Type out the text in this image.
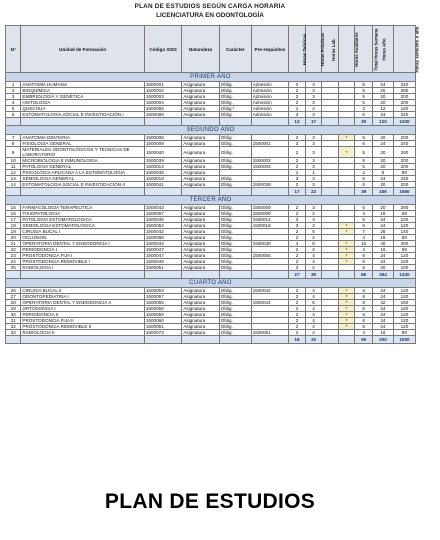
PLAN DE ESTUDIOS SEGÚN CARGA HORARIA
LICENCIATURA EN ODONTOLOGÍA
N°	Unidad de Formación	Código SISS	Naturaleza	Carácter	Pre-requisitos	Horas Teóricas	Horas Prácticas	Horas Lab.	Horas Auxiliares	Total Horas Semana	Horas Año	Horas semestre o año
PRIMER AÑO												
1	ANATOMÍA HUMANA	1500001	Asignatura	Oblig.	Admisión	3	3			6	24	240
2	BIOQUÍMICA	1500002	Asignatura	Oblig.	Admisión	2	3			5	20	200
3	EMBRIOLOGÍA Y GENÉTICA	1500003	Asignatura	Oblig.	Admisión	2	3			5	20	200
4	HISTOLOGÍA	1500004	Asignatura	Oblig.	Admisión	2	3			5	20	200
5	QUECHUA	1500050	Asignatura	Oblig.*	Admisión	1	2			3	12	120
6	ESTOMATOLOGÍA SOCIAL E INVESTIGACIÓN I	1500088	Asignatura	Oblig.	Admisión	3	3			6	24	240
						13	17			30	120	1200
SEGUNDO AÑO												
7	ANATOMIA DENTARIA	1500008	Asignatura	Oblig.		2	3		*	5	20	200
8	FISIOLOGIA GENERAL	1500009	Asignatura	Oblig.	1500001	3	3			6	24	240
9	MATERIALES ODONTOLOGICOS Y TECNICAS DE LABORATORIO	1500040	Asignatura	Oblig.		2	3		*	5	20	200
10	MICROBIOLOGIA E INMUNOLOGIA	1500039	Asignatura	Oblig.	1500002	2	3			5	20	200
11	PATOLOGIA GENERAL	1500014	Asignatura	Oblig.	1500004	2	3			5	20	200
12	PSICOLOGIA APLICADA A LA ESTOMATOLOGIA	1500048	Asignatura			1	1			2	8	80
13	SEMIOLOGIA GENERAL	1500018	Asignatura	Oblig.		3	3			6	24	240
14	ESTOMATOLOGIA SOCIAL E INVESTIGACION II	1500041	Asignatura	Oblig.	1500038	2	3			5	20	200
						17	22			39	156	1560
TERCER AÑO												
15	FARMACOLOGIA TERAPEUTICA	1500043	Asignatura	Oblig.	1500009	2	3			5	20	200
16	FISIOPATOLOGIA	1500087	Asignatura	Oblig.	1500009	2	2			4	16	80
17	PATOLOGIA ESTOMATOLOGICA	1500045	Asignatura	Oblig.	1500014	3	3			6	24	120
18	SEMIOLOGIA ESTOMATOLOGICA	1500052	Asignatura	Oblig.	1500018	3	3		*	6	24	120
19	CIRUGIA BUCAL I	1500042	Asignatura	Oblig.		2	5		*	7	28	140
20	OCLUSION	1500086	Asignatura	Oblig.		2	2			4	16	80
21	OPERATORIA DENTAL Y ENDODONCIA I	1500044	Asignatura	Oblig.	1500040	4	6		*	10	40	200
22	PERIODONCIA I	1500047	Asignatura	Oblig.		2	2		*	4	16	80
23	PROSTODONCIA FIJA I	1500047	Asignatura	Oblig.	1500005	2	4		*	6	24	120
24	PROSTODONCIA REMOVIBLE I	1500049	Asignatura	Oblig.		2	4		*	6	24	120
25	RADIOLOGIA I	1500051	Asignatura	Oblig.		3	2			5	20	100
						27	39			66	264	1320
CUARTO AÑO												
26	CIRUGIA BUCAL II	1500053	Asignatura	Oblig.	1500042	2	4		*	6	24	120
27	ODONTOPEDIATRIA I	1500057	Asignatura	Oblig.		2	4		*	6	24	120
28	OPERATORIA DENTAL Y ENDODONCIA II	1500055	Asignatura	Oblig.	1500044	2	6		*	8	32	160
29	ORTODONCIA I	1500058	Asignatura	Oblig.		2	4		*	6	24	120
30	PERIODONCIA II	1500059	Asignatura	Oblig.		2	4		*	6	24	120
31	PROSTODONCIA FIJA II	1500060	Asignatura	Oblig.		2	4		*	6	24	120
32	PROSTODONCIA REMOVIBLE II	1500061	Asignatura	Oblig.		2	4		*	6	24	120
33	RADIOLOGIA II	1500073	Asignatura	Oblig.	1500051	2	2			4	16	80
						18	32			50	200	1000
PLAN DE ESTUDIOS
